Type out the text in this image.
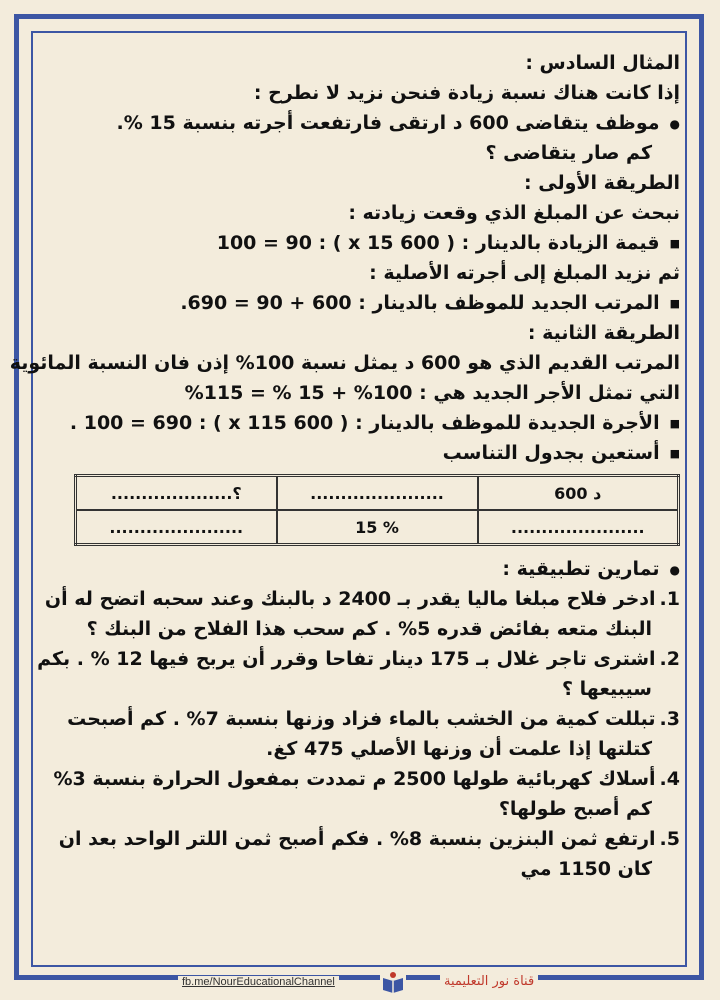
المثال السادس :
إذا كانت هناك نسبة زيادة فنحن نزيد لا نطرح :
● موظف يتقاضى 600 د ارتقى فارتفعت أجرته بنسبة 15 %.
كم صار يتقاضى ؟
الطريقة الأولى :
نبحث عن المبلغ الذي وقعت زيادته :
■ قيمة الزيادة بالدينار : ( 600 x 15 ) : 100 = 90
ثم نزيد المبلغ إلى أجرته الأصلية :
■ المرتب الجديد للموظف بالدينار : 600 + 90 = 690.
الطريقة الثانية :
المرتب القديم الذي هو 600 د يمثل نسبة 100% إذن فان النسبة المائوية
التي تمثل الأجر الجديد هي : 100% + 15 % = 115%
■ الأجرة الجديدة للموظف بالدينار : ( 600 x 115 ) : 100 = 690 .
■ أستعين بجدول التناسب
....................؟	......................	600 د
......................	15 %	......................
● تمارين تطبيقية :
1.ادخر فلاح مبلغا ماليا يقدر بـ 2400 د بالبنك وعند سحبه اتضح له أن
البنك متعه بفائض قدره 5% . كم سحب هذا الفلاح من البنك ؟
2.اشترى تاجر غلال بـ 175 دينار تفاحا وقرر أن يربح فيها 12 % . بكم
سيبيعها ؟
3.تبللت كمية من الخشب بالماء فزاد وزنها بنسبة 7% . كم أصبحت
كتلتها إذا علمت أن وزنها الأصلي 475 كغ.
4.أسلاك كهربائية طولها 2500 م تمددت بمفعول الحرارة بنسبة 3%
كم أصبح طولها؟
5.ارتفع ثمن البنزين بنسبة 8% . فكم أصبح ثمن اللتر الواحد بعد ان
كان 1150 مي
fb.me/NourEducationalChannel	قناة نور التعليمية
